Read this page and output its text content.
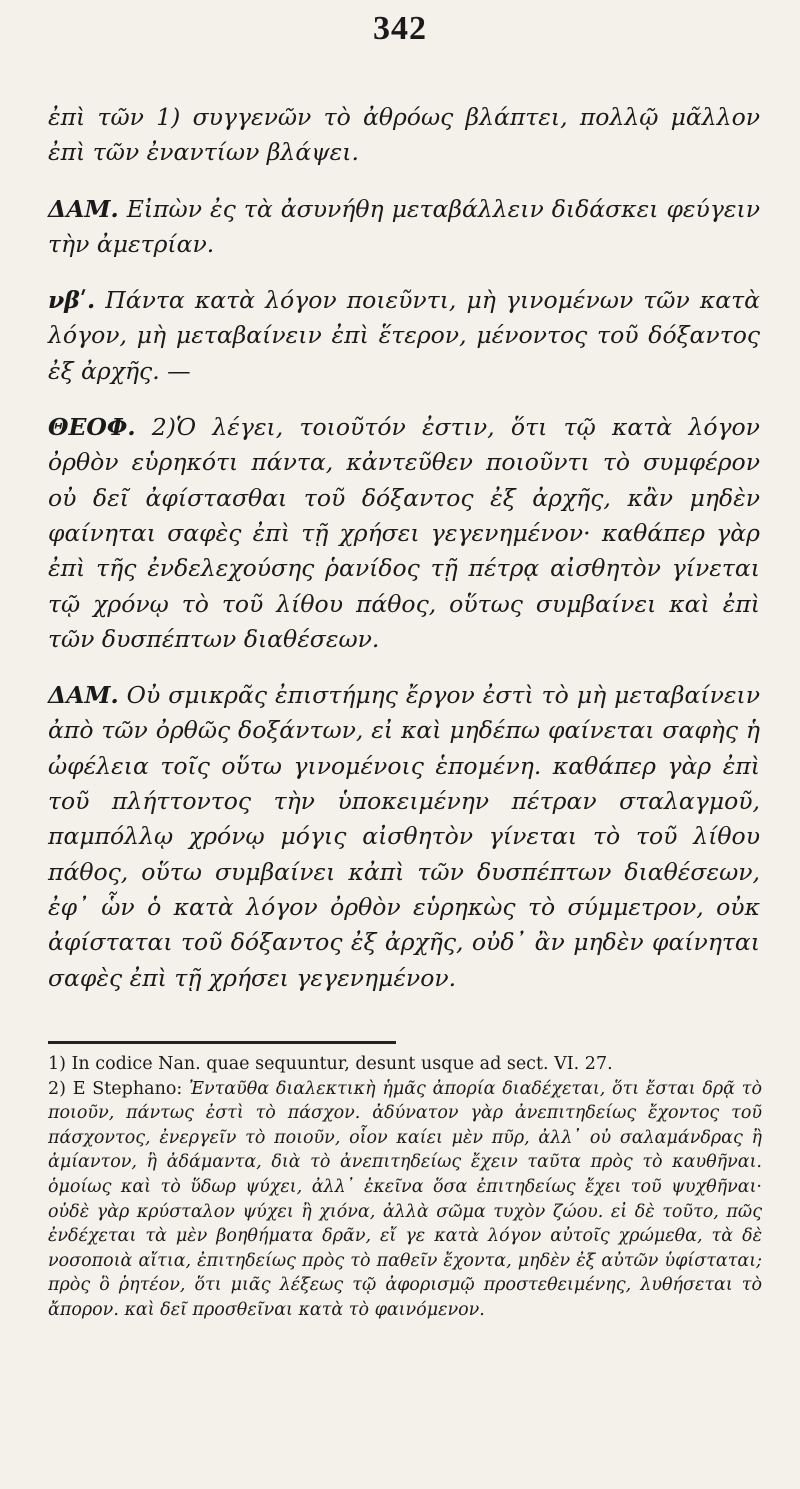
342

ἐπὶ τῶν 1) συγγενῶν τὸ ἀθρόως βλάπτει, πολλῷ μᾶλλον ἐπὶ τῶν ἐναντίων βλάψει.

ΔΑΜ. Εἰπὼν ἐς τὰ ἀσυνήθη μεταβάλλειν διδάσκει φεύγειν τὴν ἀμετρίαν.

νβʹ. Πάντα κατὰ λόγον ποιεῦντι, μὴ γινομένων τῶν κατὰ λόγον, μὴ μεταβαίνειν ἐπὶ ἕτερον, μένοντος τοῦ δόξαντος ἐξ ἀρχῆς. —

ΘΕΟΦ. 2)Ὁ λέγει, τοιοῦτόν ἐστιν, ὅτι τῷ κατὰ λόγον ὀρθὸν εὑρηκότι πάντα, κἀντεῦθεν ποιοῦντι τὸ συμφέρον οὐ δεῖ ἀφίστασθαι τοῦ δόξαντος ἐξ ἀρχῆς, κἂν μηδὲν φαίνηται σαφὲς ἐπὶ τῇ χρήσει γεγενημένον· καθάπερ γὰρ ἐπὶ τῆς ἐνδελεχούσης ῥανίδος τῇ πέτρᾳ αἰσθητὸν γίνεται τῷ χρόνῳ τὸ τοῦ λίθου πάθος, οὕτως συμβαίνει καὶ ἐπὶ τῶν δυσπέπτων διαθέσεων.

ΔΑΜ. Οὐ σμικρᾶς ἐπιστήμης ἔργον ἐστὶ τὸ μὴ μεταβαίνειν ἀπὸ τῶν ὀρθῶς δοξάντων, εἰ καὶ μηδέπω φαίνεται σαφὴς ἡ ὠφέλεια τοῖς οὕτω γινομένοις ἑπομένη. καθάπερ γὰρ ἐπὶ τοῦ πλήττοντος τὴν ὑποκειμένην πέτραν σταλαγμοῦ, παμπόλλῳ χρόνῳ μόγις αἰσθητὸν γίνεται τὸ τοῦ λίθου πάθος, οὕτω συμβαίνει κἀπὶ τῶν δυσπέπτων διαθέσεων, ἐφ᾽ ὧν ὁ κατὰ λόγον ὀρθὸν εὑρηκὼς τὸ σύμμετρον, οὐκ ἀφίσταται τοῦ δόξαντος ἐξ ἀρχῆς, οὐδ᾽ ἂν μηδὲν φαίνηται σαφὲς ἐπὶ τῇ χρήσει γεγενημένον.

1) In codice Nan. quae sequuntur, desunt usque ad sect. VI. 27.

2) E Stephano: Ἐνταῦθα διαλεκτικὴ ἡμᾶς ἀπορία διαδέχεται, ὅτι ἔσται δρᾷ τὸ ποιοῦν, πάντως ἐστὶ τὸ πάσχον. ἀδύνατον γὰρ ἀνεπιτηδείως ἔχοντος τοῦ πάσχοντος, ἐνεργεῖν τὸ ποιοῦν, οἷον καίει μὲν πῦρ, ἀλλ᾽ οὐ σαλαμάνδρας ἢ ἀμίαντον, ἢ ἀδάμαντα, διὰ τὸ ἀνεπιτηδείως ἔχειν ταῦτα πρὸς τὸ καυθῆναι. ὁμοίως καὶ τὸ ὕδωρ ψύχει, ἀλλ᾽ ἐκεῖνα ὅσα ἐπιτηδείως ἔχει τοῦ ψυχθῆναι· οὐδὲ γὰρ κρύσταλον ψύχει ἢ χιόνα, ἀλλὰ σῶμα τυχὸν ζώου. εἰ δὲ τοῦτο, πῶς ἐνδέχεται τὰ μὲν βοηθήματα δρᾶν, εἴ γε κατὰ λόγον αὐτοῖς χρώμεθα, τὰ δὲ νοσοποιὰ αἴτια, ἐπιτηδείως πρὸς τὸ παθεῖν ἔχοντα, μηδὲν ἐξ αὐτῶν ὑφίσταται; πρὸς ὃ ῥητέον, ὅτι μιᾶς λέξεως τῷ ἀφορισμῷ προστεθειμένης, λυθήσεται τὸ ἄπορον. καὶ δεῖ προσθεῖναι κατὰ τὸ φαινόμενον.
